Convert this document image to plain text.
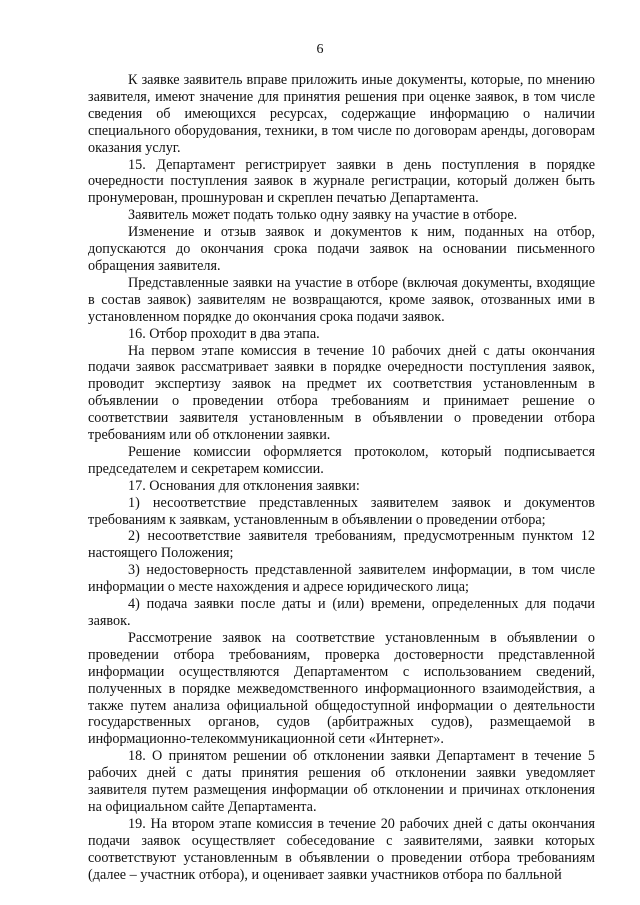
6

К заявке заявитель вправе приложить иные документы, которые, по мнению заявителя, имеют значение для принятия решения при оценке заявок, в том числе сведения об имеющихся ресурсах, содержащие информацию о наличии специального оборудования, техники, в том числе по договорам аренды, договорам оказания услуг.

15. Департамент регистрирует заявки в день поступления в порядке очередности поступления заявок в журнале регистрации, который должен быть пронумерован, прошнурован и скреплен печатью Департамента.

Заявитель может подать только одну заявку на участие в отборе.

Изменение и отзыв заявок и документов к ним, поданных на отбор, допускаются до окончания срока подачи заявок на основании письменного обращения заявителя.

Представленные заявки на участие в отборе (включая документы, входящие в состав заявок) заявителям не возвращаются, кроме заявок, отозванных ими в установленном порядке до окончания срока подачи заявок.

16. Отбор проходит в два этапа.

На первом этапе комиссия в течение 10 рабочих дней с даты окончания подачи заявок рассматривает заявки в порядке очередности поступления заявок, проводит экспертизу заявок на предмет их соответствия установленным в объявлении о проведении отбора требованиям и принимает решение о соответствии заявителя установленным в объявлении о проведении отбора требованиям или об отклонении заявки.

Решение комиссии оформляется протоколом, который подписывается председателем и секретарем комиссии.

17. Основания для отклонения заявки:

1) несоответствие представленных заявителем заявок и документов требованиям к заявкам, установленным в объявлении о проведении отбора;

2) несоответствие заявителя требованиям, предусмотренным пунктом 12 настоящего Положения;

3) недостоверность представленной заявителем информации, в том числе информации о месте нахождения и адресе юридического лица;

4) подача заявки после даты и (или) времени, определенных для подачи заявок.

Рассмотрение заявок на соответствие установленным в объявлении о проведении отбора требованиям, проверка достоверности представленной информации осуществляются Департаментом с использованием сведений, полученных в порядке межведомственного информационного взаимодействия, а также путем анализа официальной общедоступной информации о деятельности государственных органов, судов (арбитражных судов), размещаемой в информационно-телекоммуникационной сети «Интернет».

18. О принятом решении об отклонении заявки Департамент в течение 5 рабочих дней с даты принятия решения об отклонении заявки уведомляет заявителя путем размещения информации об отклонении и причинах отклонения на официальном сайте Департамента.

19. На втором этапе комиссия в течение 20 рабочих дней с даты окончания подачи заявок осуществляет собеседование с заявителями, заявки которых соответствуют установленным в объявлении о проведении отбора требованиям (далее – участник отбора), и оценивает заявки участников отбора по балльной
